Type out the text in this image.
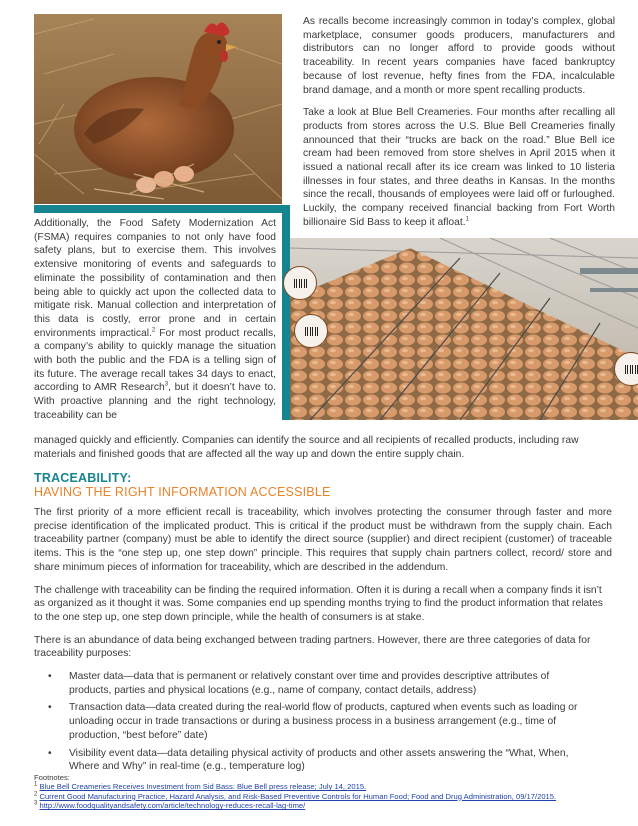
As recalls become increasingly common in today’s complex, global marketplace, consumer goods producers, manufacturers and distributors can no longer afford to provide goods without traceability. In recent years companies have faced bankruptcy because of lost revenue, hefty fines from the FDA, incalculable brand damage, and a month or more spent recalling products.

Take a look at Blue Bell Creameries. Four months after recalling all products from stores across the U.S. Blue Bell Creameries finally announced that their “trucks are back on the road.” Blue Bell ice cream had been removed from store shelves in April 2015 when it issued a national recall after its ice cream was linked to 10 listeria illnesses in four states, and three deaths in Kansas. In the months since the recall, thousands of employees were laid off or furloughed. Luckily, the company received financial backing from Fort Worth billionaire Sid Bass to keep it afloat.$^1$

Additionally, the Food Safety Modernization Act (FSMA) requires companies to not only have food safety plans, but to exercise them. This involves extensive monitoring of events and safeguards to eliminate the possibility of contamination and then being able to quickly act upon the collected data to mitigate risk. Manual collection and interpretation of this data is costly, error prone and in certain environments impractical.$^2$ For most product recalls, a company’s ability to quickly manage the situation with both the public and the FDA is a telling sign of its future. The average recall takes 34 days to enact, according to AMR Research$^3$, but it doesn’t have to. With proactive planning and the right technology, traceability can be

managed quickly and efficiently. Companies can identify the source and all recipients of recalled products, including raw materials and finished goods that are affected all the way up and down the entire supply chain.

TRACEABILITY:
HAVING THE RIGHT INFORMATION ACCESSIBLE

The first priority of a more efficient recall is traceability, which involves protecting the consumer through faster and more precise identification of the implicated product. This is critical if the product must be withdrawn from the supply chain. Each traceability partner (company) must be able to identify the direct source (supplier) and direct recipient (customer) of traceable items. This is the “one step up, one step down” principle. This requires that supply chain partners collect, record/ store and share minimum pieces of information for traceability, which are described in the addendum.

The challenge with traceability can be finding the required information. Often it is during a recall when a company finds it isn’t as organized as it thought it was. Some companies end up spending months trying to find the product information that relates to the one step up, one step down principle, while the health of consumers is at stake.

There is an abundance of data being exchanged between trading partners. However, there are three categories of data for traceability purposes:

• Master data—data that is permanent or relatively constant over time and provides descriptive attributes of products, parties and physical locations (e.g., name of company, contact details, address)
• Transaction data—data created during the real-world flow of products, captured when events such as loading or unloading occur in trade transactions or during a business process in a business arrangement (e.g., time of production, “best before” date)
• Visibility event data—data detailing physical activity of products and other assets answering the “What, When, Where and Why” in real-time (e.g., temperature log)
Footnotes:
$^1$ Blue Bell Creameries Receives Investment from Sid Bass: Blue Bell press release; July 14, 2015.
$^2$ Current Good Manufacturing Practice, Hazard Analysis, and Risk-Based Preventive Controls for Human Food; Food and Drug Administration, 09/17/2015.
$^3$ http://www.foodqualityandsafety.com/article/technology-reduces-recall-lag-time/
